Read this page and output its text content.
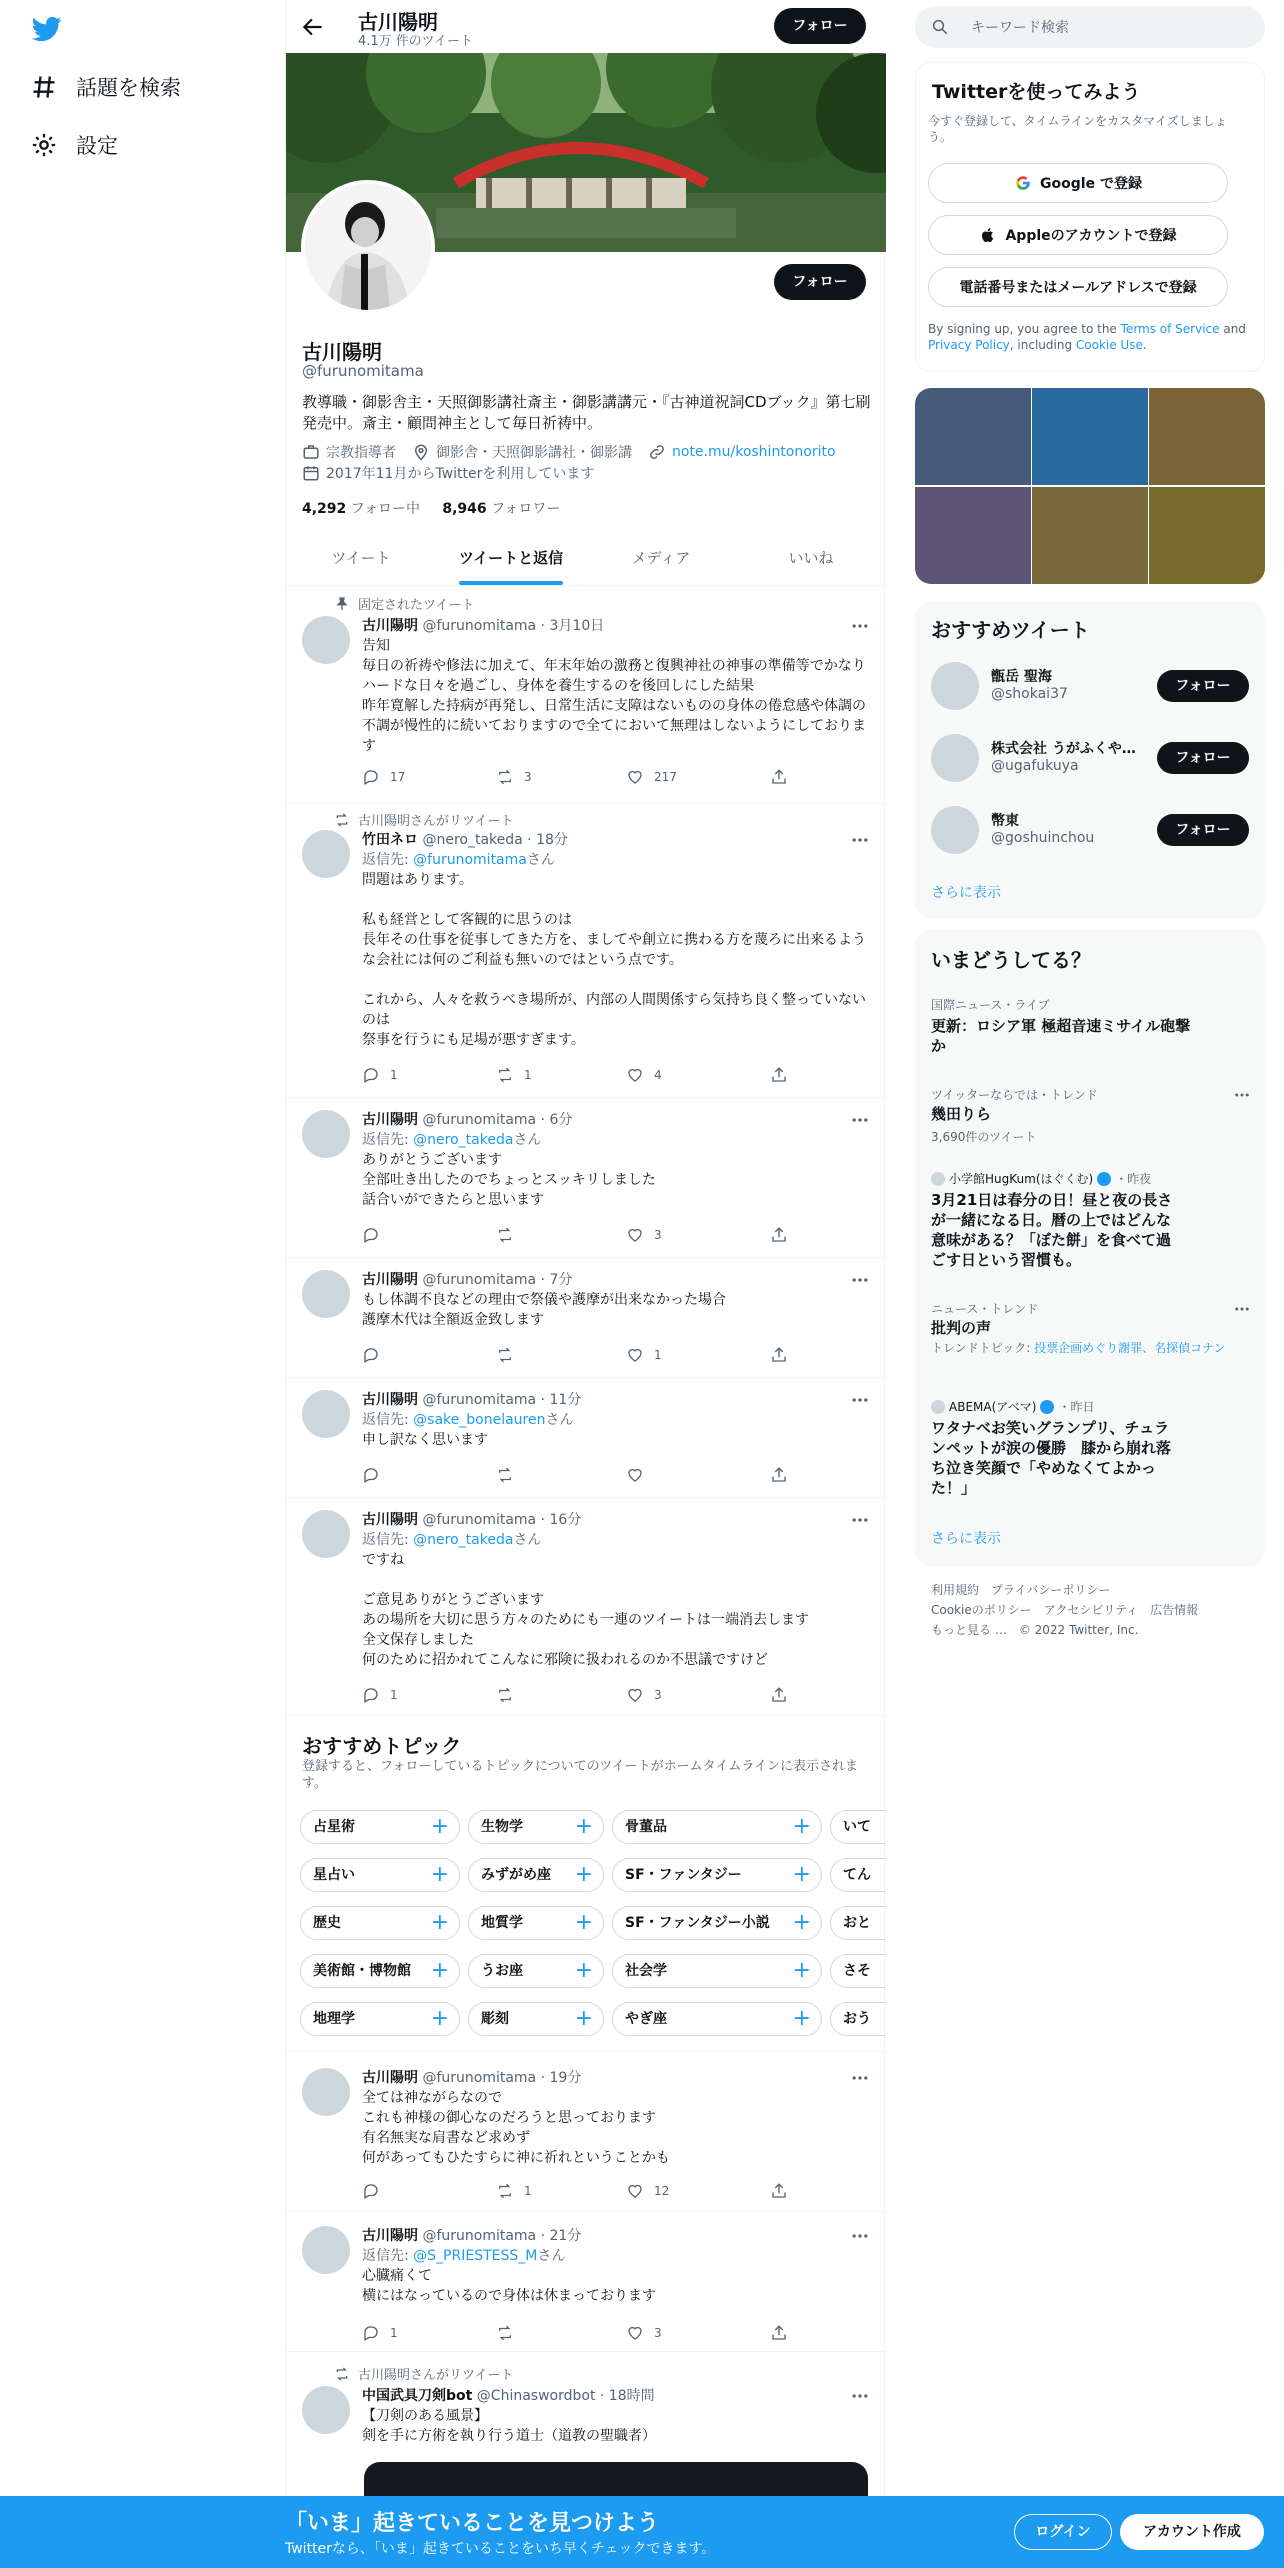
話題を検索
設定
古川陽明
4.1万 件のツイート
フォロー
フォロー
古川陽明
@furunomitama
教導職・御影舎主・天照御影講社斎主・御影講講元・『古神道祝詞CDブック』第七刷発売中。斎主・顧問神主として毎日祈祷中。
宗教指導者	御影舎・天照御影講社・御影講	note.mu/koshintonorito
2017年11月からTwitterを利用しています
4,292 フォロー中 8,946 フォロワー
ツイート	ツイートと返信	メディア	いいね
固定されたツイート
古川陽明 @furunomitama · 3月10日
告知
毎日の祈祷や修法に加えて、年末年始の激務と復興神社の神事の準備等でかなりハードな日々を過ごし、身体を養生するのを後回しにした結果
昨年寛解した持病が再発し、日常生活に支障はないものの身体の倦怠感や体調の不調が慢性的に続いておりますので全てにおいて無理はしないようにしております
17	3	217
古川陽明さんがリツイート
竹田ネロ @nero_takeda · 18分
返信先: @furunomitamaさん
問題はあります。

私も経営として客観的に思うのは
長年その仕事を従事してきた方を、ましてや創立に携わる方を蔑ろに出来るような会社には何のご利益も無いのではという点です。

これから、人々を救うべき場所が、内部の人間関係すら気持ち良く整っていないのは
祭事を行うにも足場が悪すぎます。
1	1	4
古川陽明 @furunomitama · 6分
返信先: @nero_takedaさん
ありがとうございます
全部吐き出したのでちょっとスッキリしました
話合いができたらと思います
3
古川陽明 @furunomitama · 7分
もし体調不良などの理由で祭儀や護摩が出来なかった場合
護摩木代は全額返金致します
1
古川陽明 @furunomitama · 11分
返信先: @sake_bonelaurenさん
申し訳なく思います
古川陽明 @furunomitama · 16分
返信先: @nero_takedaさん
ですね

ご意見ありがとうございます
あの場所を大切に思う方々のためにも一連のツイートは一端消去します
全文保存しました
何のために招かれてこんなに邪険に扱われるのか不思議ですけど
1	3
おすすめトピック
登録すると、フォローしているトピックについてのツイートがホームタイムラインに表示されます。
占星術	+	生物学 +	骨董品	+	いて
星占い	+	みずがめ座 +	SF・ファンタジー +	てん
歴史	+	地質学 +	SF・ファンタジー小説 +	おと
美術館・博物館 +	うお座 +	社会学	+	さそ
地理学	+	彫刻	+	やぎ座	+	おう
古川陽明 @furunomitama · 19分
全ては神ながらなので
これも神様の御心なのだろうと思っております
有名無実な肩書など求めず
何があってもひたすらに神に祈れということかも
1	12
古川陽明 @furunomitama · 21分
返信先: @S_PRIESTESS_Mさん
心臓痛くて
横にはなっているので身体は休まっております
1	3
古川陽明さんがリツイート
中国武具刀剣bot @Chinaswordbot · 18時間
【刀剣のある風景】
剣を手に方術を執り行う道士（道教の聖職者）
キーワード検索
Twitterを使ってみよう
今すぐ登録して、タイムラインをカスタマイズしましょう。
Google で登録
Appleのアカウントで登録
電話番号またはメールアドレスで登録
By signing up, you agree to the Terms of Service and Privacy Policy, including Cookie Use.
おすすめツイート
甑岳 聖海
@shokai37	フォロー
株式会社 うがふくや…
@ugafukuya	フォロー
幣東
@goshuinchou	フォロー
さらに表示
いまどうしてる？
国際ニュース・ライブ
更新：ロシア軍 極超音速ミサイル砲撃か
ツイッターならでは・トレンド
幾田りら
3,690件のツイート
小学館HugKum(はぐくむ) ・昨夜
3月21日は春分の日！昼と夜の長さが一緒になる日。暦の上ではどんな意味がある？「ぼた餅」を食べて過ごす日という習慣も。
ニュース・トレンド
批判の声
トレンドトピック: 投票企画めぐり謝罪、名探偵コナン
ABEMA(アベマ) ・昨日
ワタナベお笑いグランプリ、チュランペットが涙の優勝　膝から崩れ落ち泣き笑顔で「やめなくてよかった！」
さらに表示
利用規約　プライバシーポリシー
Cookieのポリシー　アクセシビリティ　広告情報
もっと見る …　© 2022 Twitter, Inc.
「いま」起きていることを見つけよう
Twitterなら、「いま」起きていることをいち早くチェックできます。
ログイン	アカウント作成
